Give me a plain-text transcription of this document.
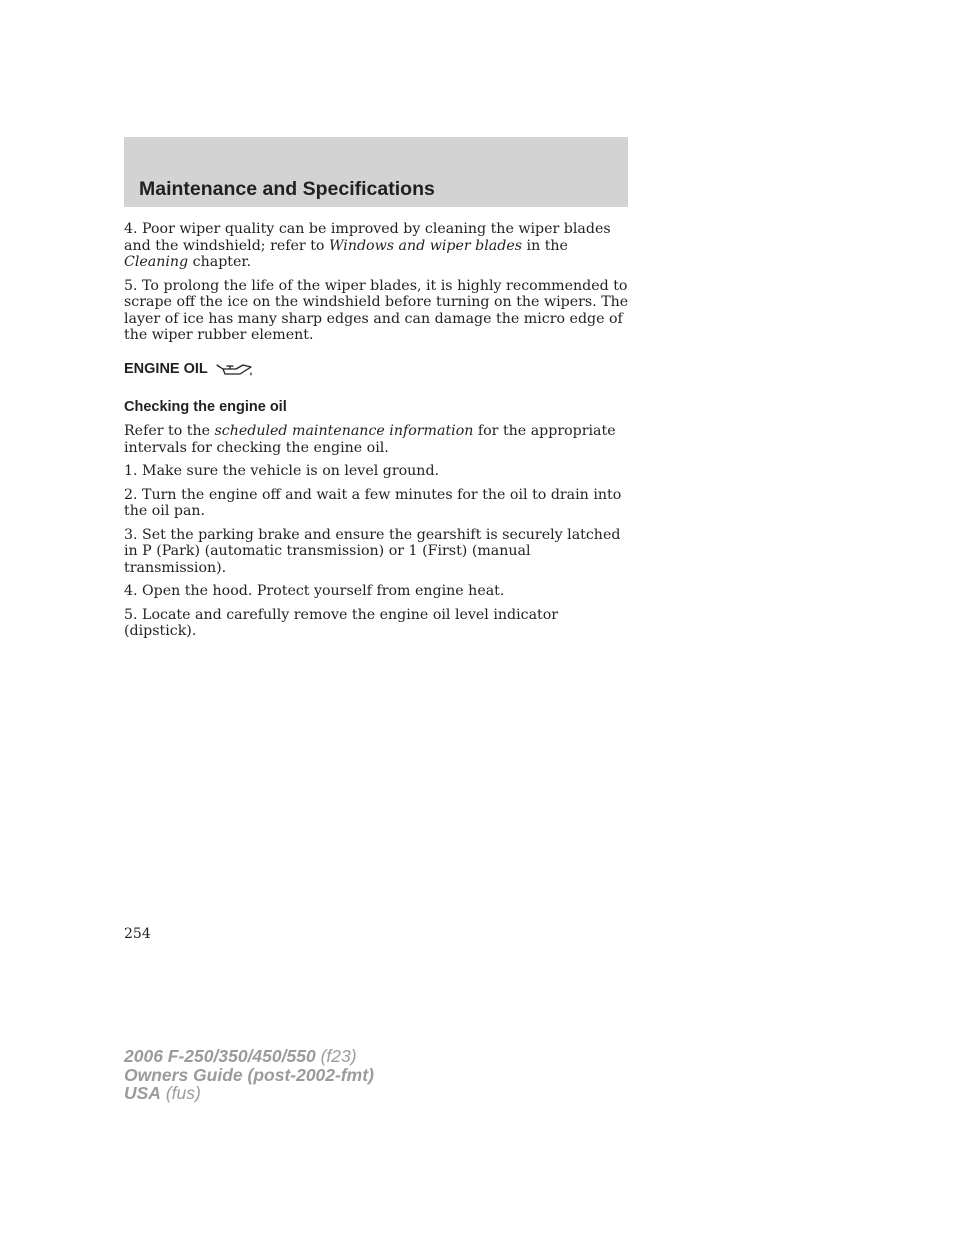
Maintenance and Specifications

4. Poor wiper quality can be improved by cleaning the wiper blades and the windshield; refer to Windows and wiper blades in the Cleaning chapter.

5. To prolong the life of the wiper blades, it is highly recommended to scrape off the ice on the windshield before turning on the wipers. The layer of ice has many sharp edges and can damage the micro edge of the wiper rubber element.

ENGINE OIL
Checking the engine oil

Refer to the scheduled maintenance information for the appropriate intervals for checking the engine oil.

1. Make sure the vehicle is on level ground.

2. Turn the engine off and wait a few minutes for the oil to drain into the oil pan.

3. Set the parking brake and ensure the gearshift is securely latched in P (Park) (automatic transmission) or 1 (First) (manual transmission).

4. Open the hood. Protect yourself from engine heat.

5. Locate and carefully remove the engine oil level indicator (dipstick).

254
2006 F-250/350/450/550 (f23)
Owners Guide (post-2002-fmt)
USA (fus)
